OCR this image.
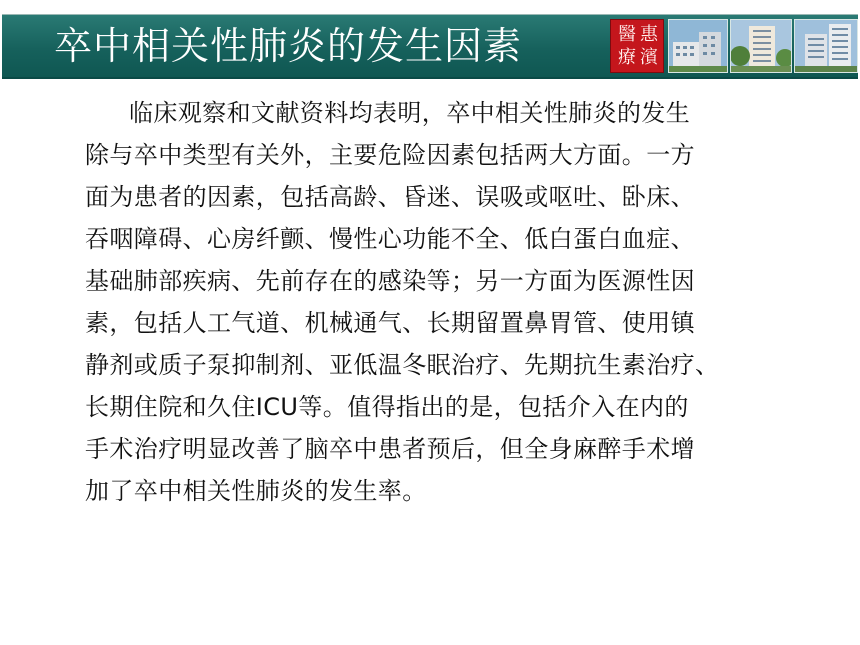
卒中相关性肺炎的发生因素	醫 惠
療 濱
临床观察和文献资料均表明，卒中相关性肺炎的发生
除与卒中类型有关外，主要危险因素包括两大方面。一方
面为患者的因素，包括高龄、昏迷、误吸或呕吐、卧床、
吞咽障碍、心房纤颤、慢性心功能不全、低白蛋白血症、
基础肺部疾病、先前存在的感染等；另一方面为医源性因
素，包括人工气道、机械通气、长期留置鼻胃管、使用镇
静剂或质子泵抑制剂、亚低温冬眠治疗、先期抗生素治疗、
长期住院和久住ICU等。值得指出的是，包括介入在内的
手术治疗明显改善了脑卒中患者预后，但全身麻醉手术增
加了卒中相关性肺炎的发生率。
